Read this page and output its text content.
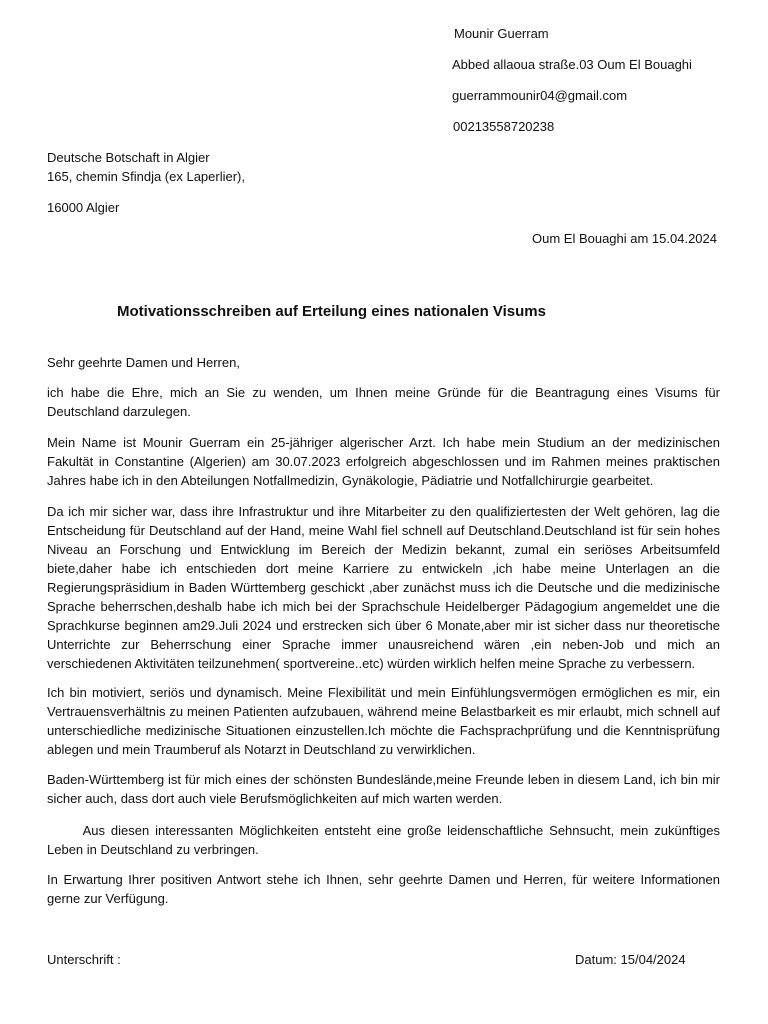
Mounir Guerram
Abbed allaoua straße.03 Oum El Bouaghi
guerrammounir04@gmail.com
00213558720238
Deutsche Botschaft in Algier
165, chemin Sfindja (ex Laperlier),
16000 Algier
Oum El Bouaghi am 15.04.2024
Motivationsschreiben auf Erteilung eines nationalen Visums

Sehr geehrte Damen und Herren,

ich habe die Ehre, mich an Sie zu wenden, um Ihnen meine Gründe für die Beantragung eines Visums für Deutschland darzulegen.

Mein Name ist Mounir Guerram ein 25-jähriger algerischer Arzt. Ich habe mein Studium an der medizinischen Fakultät in Constantine (Algerien) am 30.07.2023 erfolgreich abgeschlossen und im Rahmen meines praktischen Jahres habe ich in den Abteilungen Notfallmedizin, Gynäkologie, Pädiatrie und Notfallchirurgie gearbeitet.

Da ich mir sicher war, dass ihre Infrastruktur und ihre Mitarbeiter zu den qualifiziertesten der Welt gehören, lag die Entscheidung für Deutschland auf der Hand, meine Wahl fiel schnell auf Deutschland.Deutschland ist für sein hohes Niveau an Forschung und Entwicklung im Bereich der Medizin bekannt, zumal ein seriöses Arbeitsumfeld biete,daher habe ich entschieden dort meine Karriere zu entwickeln ,ich habe meine Unterlagen an die Regierungspräsidium in Baden Württemberg geschickt ,aber zunächst muss ich die Deutsche und die medizinische Sprache beherrschen,deshalb habe ich mich bei der Sprachschule Heidelberger Pädagogium angemeldet une die Sprachkurse beginnen am29.Juli 2024 und erstrecken sich über 6 Monate,aber mir ist sicher dass nur theoretische Unterrichte zur Beherrschung einer Sprache immer unausreichend wären ,ein neben-Job und mich an verschiedenen Aktivitäten teilzunehmen( sportvereine..etc) würden wirklich helfen meine Sprache zu verbessern.

Ich bin motiviert, seriös und dynamisch. Meine Flexibilität und mein Einfühlungsvermögen ermöglichen es mir, ein Vertrauensverhältnis zu meinen Patienten aufzubauen, während meine Belastbarkeit es mir erlaubt, mich schnell auf unterschiedliche medizinische Situationen einzustellen.Ich möchte die Fachsprachprüfung und die Kenntnisprüfung ablegen und mein Traumberuf als Notarzt in Deutschland zu verwirklichen.

Baden-Württemberg ist für mich eines der schönsten Bundeslände,meine Freunde leben in diesem Land, ich bin mir sicher auch, dass dort auch viele Berufsmöglichkeiten auf mich warten werden.

Aus diesen interessanten Möglichkeiten entsteht eine große leidenschaftliche Sehnsucht, mein zukünftiges Leben in Deutschland zu verbringen.

In Erwartung Ihrer positiven Antwort stehe ich Ihnen, sehr geehrte Damen und Herren, für weitere Informationen gerne zur Verfügung.

Unterschrift :	Datum: 15/04/2024
